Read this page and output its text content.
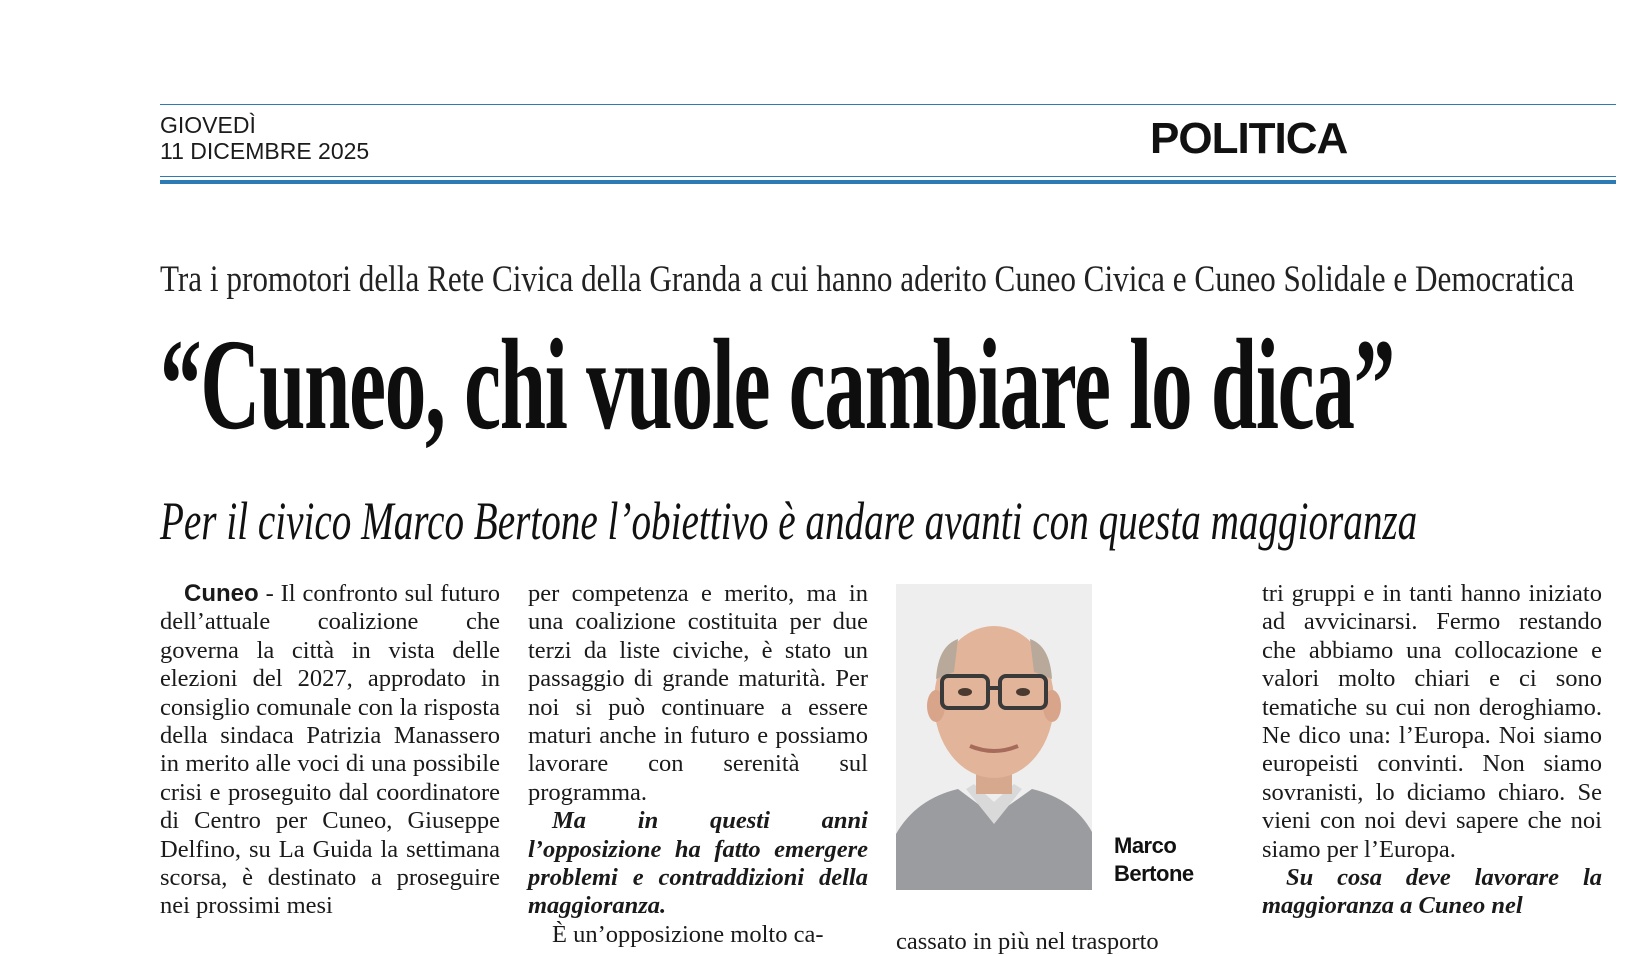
GIOVEDÌ
11 DICEMBRE 2025	POLITICA
Tra i promotori della Rete Civica della Granda a cui hanno aderito Cuneo Civica e Cuneo Solidale e Democratica
“Cuneo, chi vuole cambiare lo dica”
Per il civico Marco Bertone l’obiettivo è andare avanti con questa maggioranza

Cuneo - Il confronto sul futuro dell’attuale coalizione che governa la città in vista delle elezioni del 2027, approdato in consiglio comunale con la risposta della sindaca Patrizia Manassero in merito alle voci di una possibile crisi e proseguito dal coordinatore di Centro per Cuneo, Giuseppe Delfino, su La Guida la settimana scorsa, è destinato a proseguire nei prossimi mesi

per competenza e merito, ma in una coalizione costituita per due terzi da liste civiche, è stato un passaggio di grande maturità. Per noi si può continuare a essere maturi anche in futuro e possiamo lavorare con serenità sul programma.

Ma in questi anni l’opposizione ha fatto emergere problemi e contraddizioni della maggioranza.

È un’opposizione molto ca-

Marco
Bertone

cassato in più nel trasporto

tri gruppi e in tanti hanno iniziato ad avvicinarsi. Fermo restando che abbiamo una collocazione e valori molto chiari e ci sono tematiche su cui non deroghiamo. Ne dico una: l’Europa. Noi siamo europeisti convinti. Non siamo sovranisti, lo diciamo chiaro. Se vieni con noi devi sapere che noi siamo per l’Europa.

Su cosa deve lavorare la maggioranza a Cuneo nel
